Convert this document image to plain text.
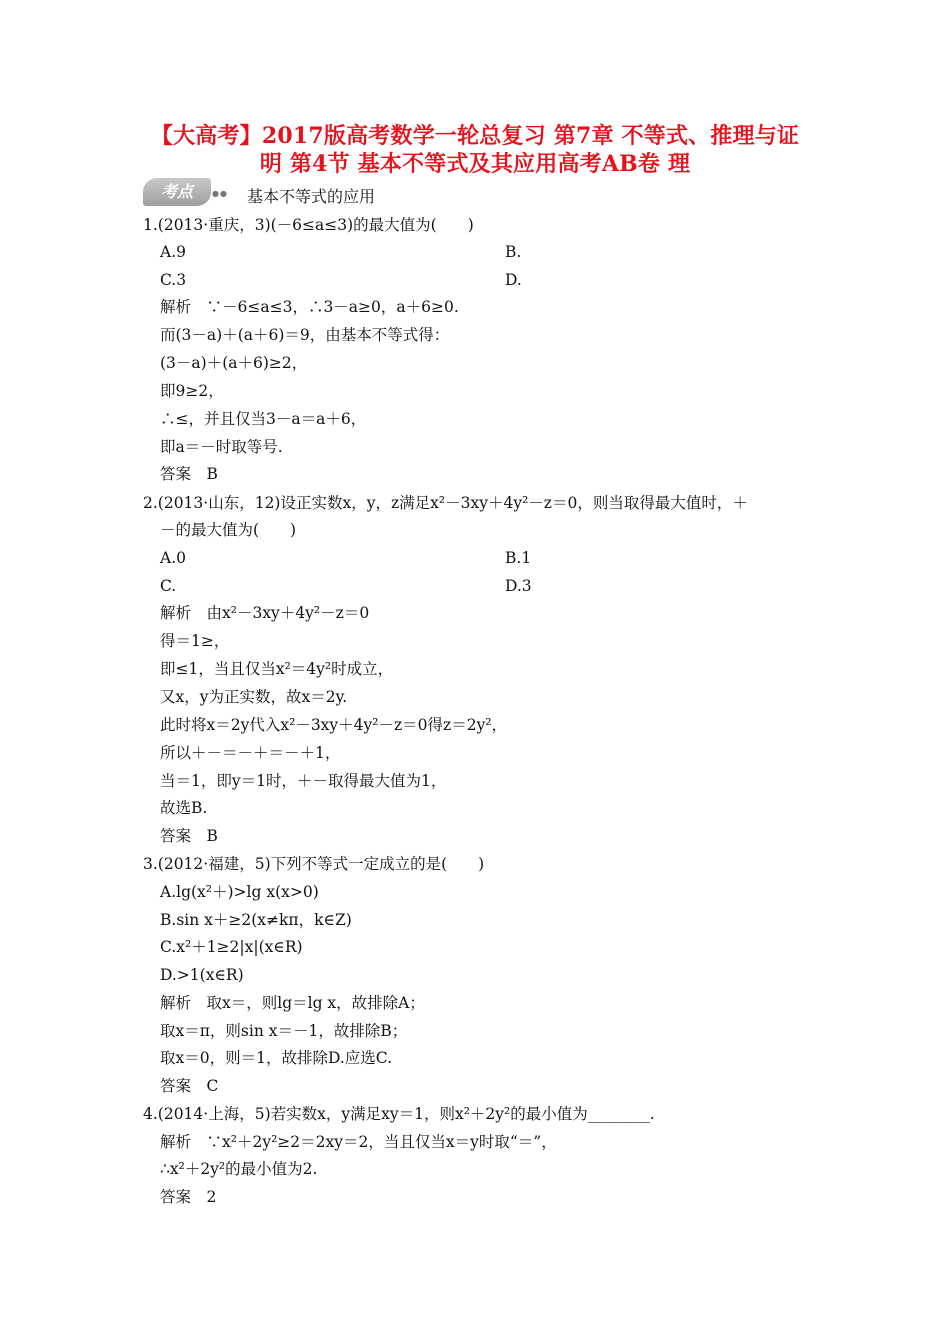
【大高考】2017版高考数学一轮总复习 第7章 不等式、推理与证
明 第4节 基本不等式及其应用高考AB卷 理
考点	●● 基本不等式的应用
1.(2013·重庆，3)(－6≤a≤3)的最大值为(　　)
A.9	B.
C.3	D.
解析　∵－6≤a≤3，∴3－a≥0，a＋6≥0.
而(3－a)＋(a＋6)＝9，由基本不等式得：
(3－a)＋(a＋6)≥2，
即9≥2，
∴≤，并且仅当3－a＝a＋6，
即a＝－时取等号.
答案　B
2.(2013·山东，12)设正实数x，y，z满足x²－3xy＋4y²－z＝0，则当取得最大值时，＋
－的最大值为(　　)
A.0	B.1
C.	D.3
解析　由x²－3xy＋4y²－z＝0
得＝1≥，
即≤1，当且仅当x²＝4y²时成立，
又x，y为正实数，故x＝2y.
此时将x＝2y代入x²－3xy＋4y²－z＝0得z＝2y²，
所以＋－＝－＋＝－＋1，
当＝1，即y＝1时，＋－取得最大值为1，
故选B.
答案　B
3.(2012·福建，5)下列不等式一定成立的是(　　)
A.lg(x²＋)>lg x(x>0)
B.sin x＋≥2(x≠kπ，k∈Z)
C.x²＋1≥2|x|(x∈R)
D.>1(x∈R)
解析　取x＝，则lg＝lg x，故排除A；
取x＝π，则sin x＝－1，故排除B；
取x＝0，则＝1，故排除D.应选C.
答案　C
4.(2014·上海，5)若实数x，y满足xy＝1，则x²＋2y²的最小值为________.
解析　∵x²＋2y²≥2＝2xy＝2，当且仅当x＝y时取“＝”，
∴x²＋2y²的最小值为2.
答案　2
